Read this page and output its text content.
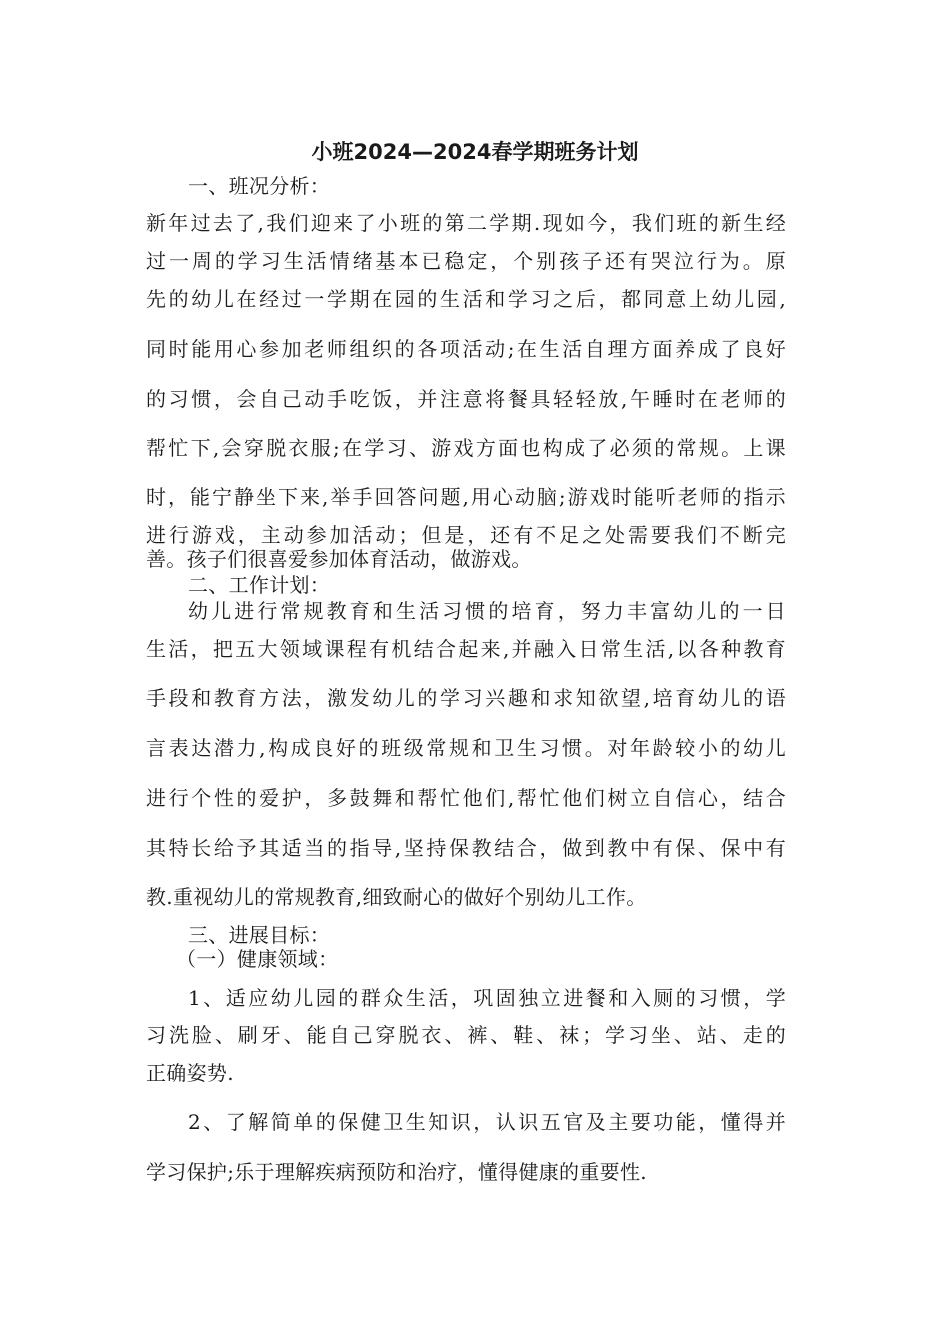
小班2024—2024春学期班务计划
一、班况分析：
新年过去了,我们迎来了小班的第二学期.现如今，我们班的新生经
过一周的学习生活情绪基本已稳定，个别孩子还有哭泣行为。原
先的幼儿在经过一学期在园的生活和学习之后，都同意上幼儿园,
同时能用心参加老师组织的各项活动;在生活自理方面养成了良好
的习惯，会自己动手吃饭，并注意将餐具轻轻放,午睡时在老师的
帮忙下,会穿脱衣服;在学习、游戏方面也构成了必须的常规。上课
时，能宁静坐下来,举手回答问题,用心动脑;游戏时能听老师的指示
进行游戏，主动参加活动；但是，还有不足之处需要我们不断完
善。孩子们很喜爱参加体育活动，做游戏。
二、工作计划：
幼儿进行常规教育和生活习惯的培育，努力丰富幼儿的一日
生活，把五大领域课程有机结合起来,并融入日常生活,以各种教育
手段和教育方法，激发幼儿的学习兴趣和求知欲望,培育幼儿的语
言表达潜力,构成良好的班级常规和卫生习惯。对年龄较小的幼儿
进行个性的爱护，多鼓舞和帮忙他们,帮忙他们树立自信心，结合
其特长给予其适当的指导,坚持保教结合，做到教中有保、保中有
教.重视幼儿的常规教育,细致耐心的做好个别幼儿工作。
三、进展目标：
（一）健康领域：
1、适应幼儿园的群众生活，巩固独立进餐和入厕的习惯，学
习洗脸、刷牙、能自己穿脱衣、裤、鞋、袜；学习坐、站、走的
正确姿势.
2、了解简单的保健卫生知识，认识五官及主要功能，懂得并
学习保护;乐于理解疾病预防和治疗，懂得健康的重要性.
